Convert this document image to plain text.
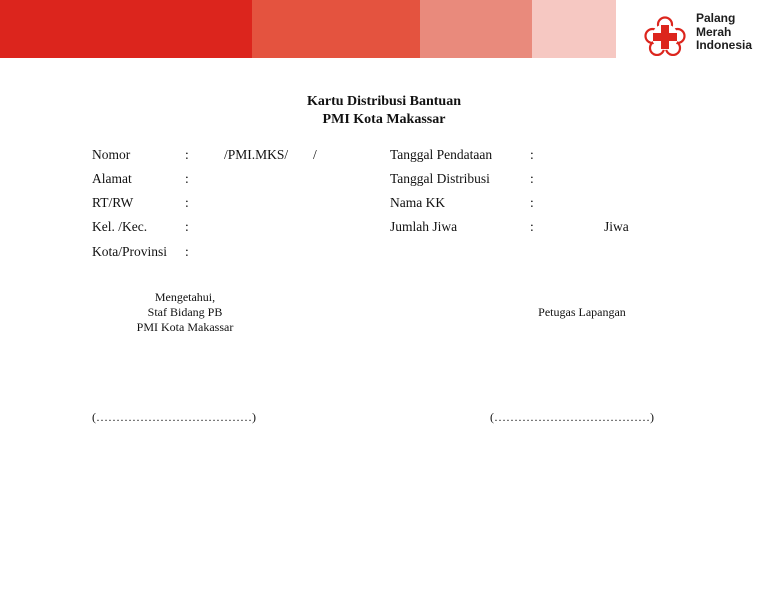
Palang
Merah
Indonesia
Kartu Distribusi Bantuan
PMI Kota Makassar
Nomor	:	/PMI.MKS/ /
Alamat	:
RT/RW	:
Kel. /Kec.	:
Kota/Provinsi :
Tanggal Pendataan	:
Tanggal Distribusi	:
Nama KK	:
Jumlah Jiwa	:	Jiwa
Mengetahui,
Staf Bidang PB
PMI Kota Makassar
Petugas Lapangan
(…………………………………)	(…………………………………)
